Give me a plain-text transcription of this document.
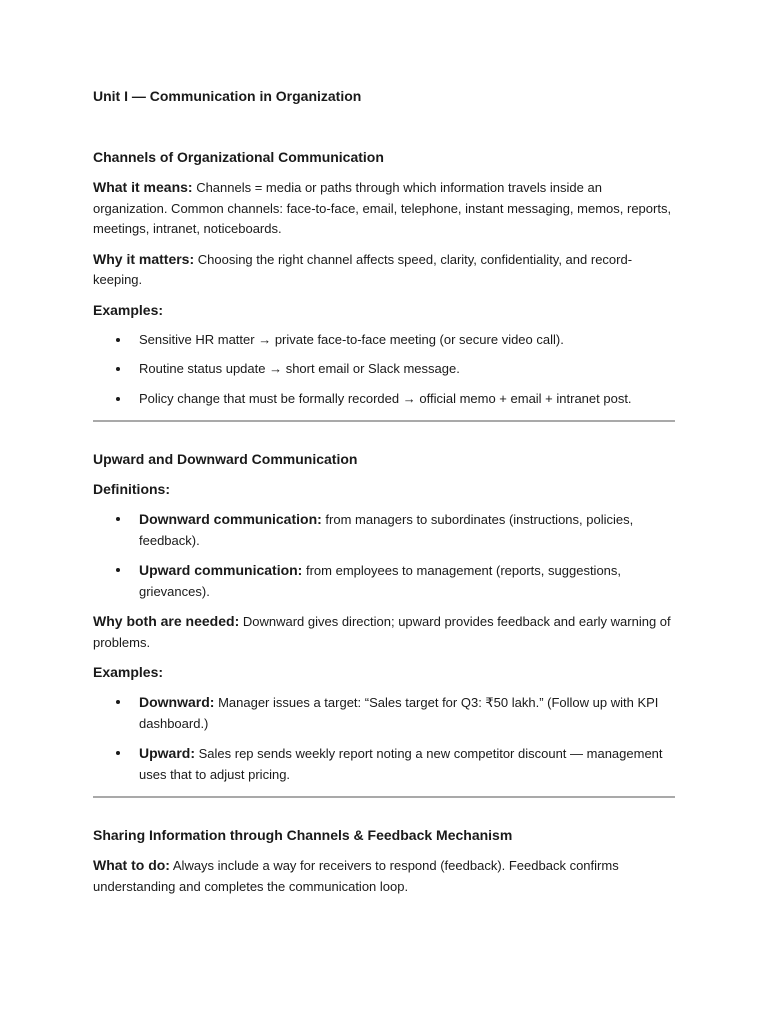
Unit I — Communication in Organization
Channels of Organizational Communication

What it means: Channels = media or paths through which information travels inside an organization. Common channels: face-to-face, email, telephone, instant messaging, memos, reports, meetings, intranet, noticeboards.

Why it matters: Choosing the right channel affects speed, clarity, confidentiality, and record-keeping.

Examples:

Sensitive HR matter → private face-to-face meeting (or secure video call).
Routine status update → short email or Slack message.
Policy change that must be formally recorded → official memo + email + intranet post.
Upward and Downward Communication

Definitions:

Downward communication: from managers to subordinates (instructions, policies, feedback).
Upward communication: from employees to management (reports, suggestions, grievances).

Why both are needed: Downward gives direction; upward provides feedback and early warning of problems.

Examples:

Downward: Manager issues a target: “Sales target for Q3: ₹50 lakh.” (Follow up with KPI dashboard.)
Upward: Sales rep sends weekly report noting a new competitor discount — management uses that to adjust pricing.
Sharing Information through Channels & Feedback Mechanism

What to do: Always include a way for receivers to respond (feedback). Feedback confirms understanding and completes the communication loop.
